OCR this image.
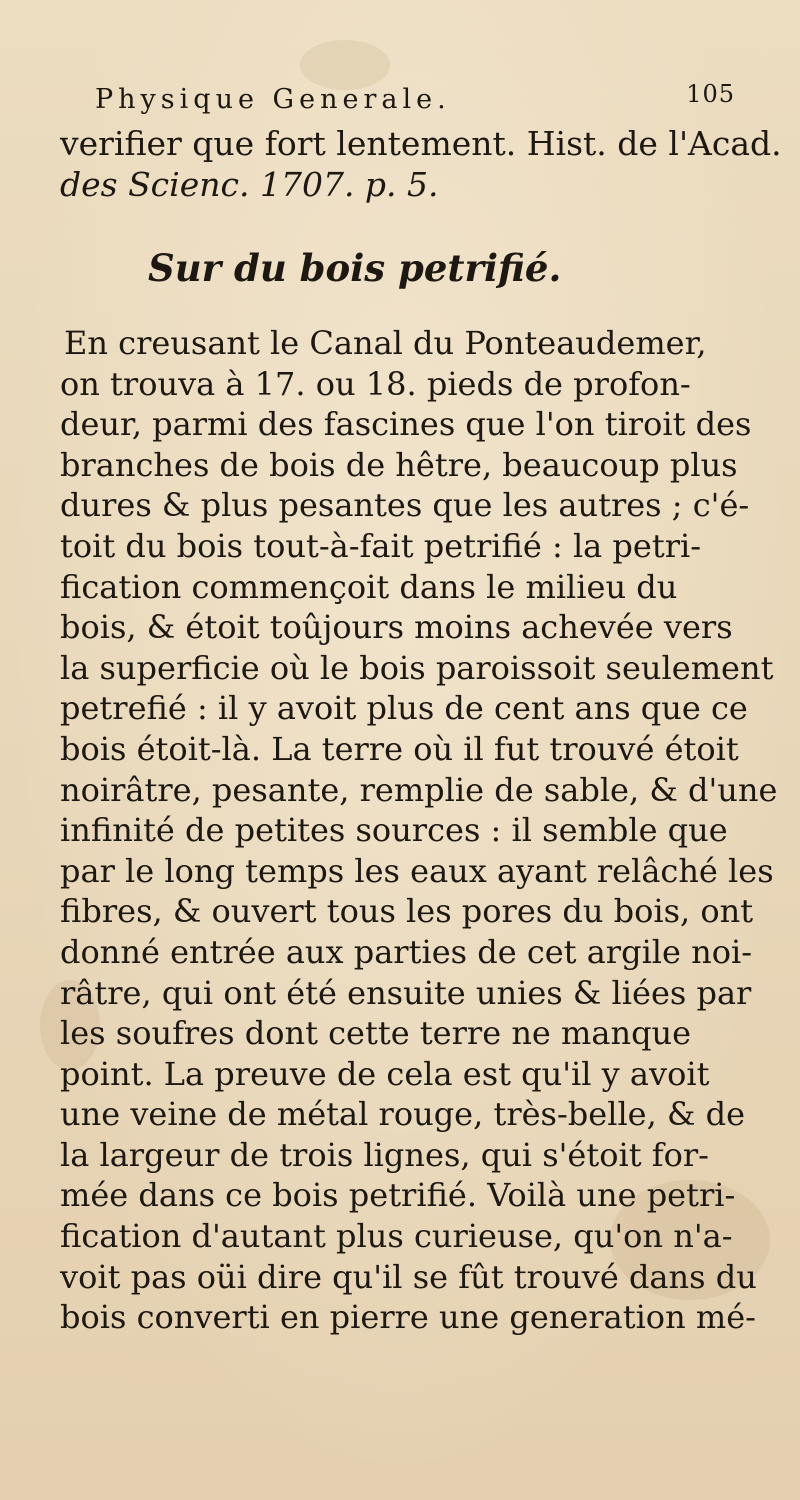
Physique Generale.	105
verifier que fort lentement. Hist. de l'Acad.
des Scienc. 1707. p. 5.
Sur du bois petrifié.
En creusant le Canal du Ponteaudemer,
on trouva à 17. ou 18. pieds de profon-
deur, parmi des fascines que l'on tiroit des
branches de bois de hêtre, beaucoup plus
dures & plus pesantes que les autres ; c'é-
toit du bois tout-à-fait petrifié : la petri-
fication commençoit dans le milieu du
bois, & étoit toûjours moins achevée vers
la superficie où le bois paroissoit seulement
petrefié : il y avoit plus de cent ans que ce
bois étoit-là. La terre où il fut trouvé étoit
noirâtre, pesante, remplie de sable, & d'une
infinité de petites sources : il semble que
par le long temps les eaux ayant relâché les
fibres, & ouvert tous les pores du bois, ont
donné entrée aux parties de cet argile noi-
râtre, qui ont été ensuite unies & liées par
les soufres dont cette terre ne manque
point. La preuve de cela est qu'il y avoit
une veine de métal rouge, très-belle, & de
la largeur de trois lignes, qui s'étoit for-
mée dans ce bois petrifié. Voilà une petri-
fication d'autant plus curieuse, qu'on n'a-
voit pas oüi dire qu'il se fût trouvé dans du
bois converti en pierre une generation mé-
